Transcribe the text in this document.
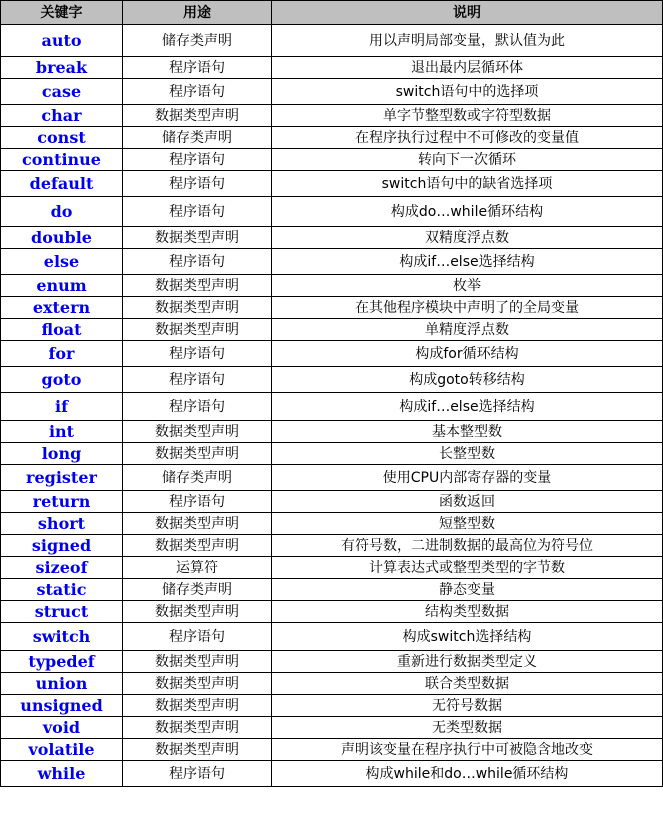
关键字	用途	说明
auto	储存类声明	用以声明局部变量，默认值为此
break	程序语句	退出最内层循环体
case	程序语句	switch语句中的选择项
char	数据类型声明	单字节整型数或字符型数据
const	储存类声明	在程序执行过程中不可修改的变量值
continue	程序语句	转向下一次循环
default	程序语句	switch语句中的缺省选择项
do	程序语句	构成do…while循环结构
double	数据类型声明	双精度浮点数
else	程序语句	构成if…else选择结构
enum	数据类型声明	枚举
extern	数据类型声明	在其他程序模块中声明了的全局变量
float	数据类型声明	单精度浮点数
for	程序语句	构成for循环结构
goto	程序语句	构成goto转移结构
if	程序语句	构成if…else选择结构
int	数据类型声明	基本整型数
long	数据类型声明	长整型数
register	储存类声明	使用CPU内部寄存器的变量
return	程序语句	函数返回
short	数据类型声明	短整型数
signed	数据类型声明	有符号数，二进制数据的最高位为符号位
sizeof	运算符	计算表达式或整型类型的字节数
static	储存类声明	静态变量
struct	数据类型声明	结构类型数据
switch	程序语句	构成switch选择结构
typedef	数据类型声明	重新进行数据类型定义
union	数据类型声明	联合类型数据
unsigned	数据类型声明	无符号数据
void	数据类型声明	无类型数据
volatile	数据类型声明	声明该变量在程序执行中可被隐含地改变
while	程序语句	构成while和do…while循环结构
